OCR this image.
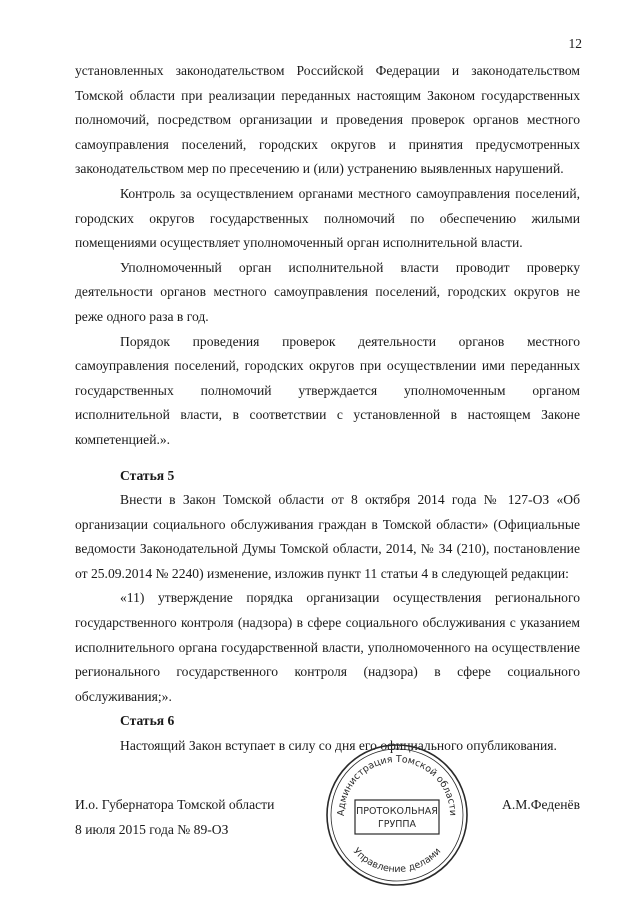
12

установленных законодательством Российской Федерации и законодательством Томской области при реализации переданных настоящим Законом государственных полномочий, посредством организации и проведения проверок органов местного самоуправления поселений, городских округов и принятия предусмотренных законодательством мер по пресечению и (или) устранению выявленных нарушений.

Контроль за осуществлением органами местного самоуправления поселений, городских округов государственных полномочий по обеспечению жилыми помещениями осуществляет уполномоченный орган исполнительной власти.

Уполномоченный орган исполнительной власти проводит проверку деятельности органов местного самоуправления поселений, городских округов не реже одного раза в год.

Порядок проведения проверок деятельности органов местного самоуправления поселений, городских округов при осуществлении ими переданных государственных полномочий утверждается уполномоченным органом исполнительной власти, в соответствии с установленной в настоящем Законе компетенцией.».

Статья 5

Внести в Закон Томской области от 8 октября 2014 года № 127-ОЗ «Об организации социального обслуживания граждан в Томской области» (Официальные ведомости Законодательной Думы Томской области, 2014, № 34 (210), постановление от 25.09.2014 № 2240) изменение, изложив пункт 11 статьи 4 в следующей редакции:

«11) утверждение порядка организации осуществления регионального государственного контроля (надзора) в сфере социального обслуживания с указанием исполнительного органа государственной власти, уполномоченного на осуществление регионального государственного контроля (надзора) в сфере социального обслуживания;».

Статья 6

Настоящий Закон вступает в силу со дня его официального опубликования.

И.о. Губернатора Томской области	А.М.Феденёв
8 июля 2015 года № 89-ОЗ
Администрация Томской области
Управление делами
ПРОТОКОЛЬНАЯ
ГРУППА
